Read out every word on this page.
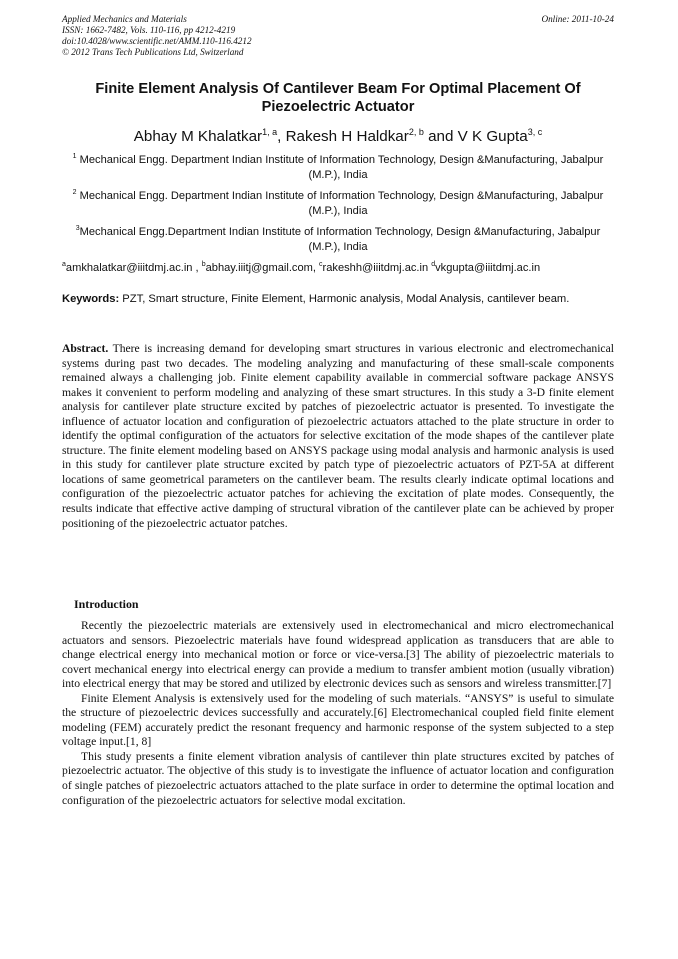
Applied Mechanics and Materials
ISSN: 1662-7482, Vols. 110-116, pp 4212-4219
doi:10.4028/www.scientific.net/AMM.110-116.4212
© 2012 Trans Tech Publications Ltd, Switzerland
Online: 2011-10-24
Finite Element Analysis Of Cantilever Beam For Optimal Placement Of Piezoelectric Actuator
Abhay M Khalatkar$^{1, a}$, Rakesh H Haldkar$^{2, b}$ and V K Gupta$^{3, c}$
$^1$ Mechanical Engg. Department Indian Institute of Information Technology, Design &Manufacturing, Jabalpur (M.P.), India
$^2$ Mechanical Engg. Department Indian Institute of Information Technology, Design &Manufacturing, Jabalpur (M.P.), India
$^3$Mechanical Engg.Department Indian Institute of Information Technology, Design &Manufacturing, Jabalpur (M.P.), India
$^a$amkhalatkar@iiitdmj.ac.in , $^b$abhay.iiitj@gmail.com, $^c$rakeshh@iiitdmj.ac.in $^d$vkgupta@iiitdmj.ac.in
Keywords: PZT, Smart structure, Finite Element, Harmonic analysis, Modal Analysis, cantilever beam.
Abstract. There is increasing demand for developing smart structures in various electronic and electromechanical systems during past two decades. The modeling analyzing and manufacturing of these small-scale components remained always a challenging job. Finite element capability available in commercial software package ANSYS makes it convenient to perform modeling and analyzing of these smart structures. In this study a 3-D finite element analysis for cantilever plate structure excited by patches of piezoelectric actuator is presented. To investigate the influence of actuator location and configuration of piezoelectric actuators attached to the plate structure in order to identify the optimal configuration of the actuators for selective excitation of the mode shapes of the cantilever plate structure. The finite element modeling based on ANSYS package using modal analysis and harmonic analysis is used in this study for cantilever plate structure excited by patch type of piezoelectric actuators of PZT-5A at different locations of same geometrical parameters on the cantilever beam. The results clearly indicate optimal locations and configuration of the piezoelectric actuator patches for achieving the excitation of plate modes. Consequently, the results indicate that effective active damping of structural vibration of the cantilever plate can be achieved by proper positioning of the piezoelectric actuator patches.
Introduction

Recently the piezoelectric materials are extensively used in electromechanical and micro electromechanical actuators and sensors. Piezoelectric materials have found widespread application as transducers that are able to change electrical energy into mechanical motion or force or vice-versa.[3] The ability of piezoelectric materials to covert mechanical energy into electrical energy can provide a medium to transfer ambient motion (usually vibration) into electrical energy that may be stored and utilized by electronic devices such as sensors and wireless transmitter.[7]

Finite Element Analysis is extensively used for the modeling of such materials. “ANSYS” is useful to simulate the structure of piezoelectric devices successfully and accurately.[6] Electromechanical coupled field finite element modeling (FEM) accurately predict the resonant frequency and harmonic response of the system subjected to a step voltage input.[1, 8]

This study presents a finite element vibration analysis of cantilever thin plate structures excited by patches of piezoelectric actuator. The objective of this study is to investigate the influence of actuator location and configuration of single patches of piezoelectric actuators attached to the plate surface in order to determine the optimal location and configuration of the piezoelectric actuators for selective modal excitation.
